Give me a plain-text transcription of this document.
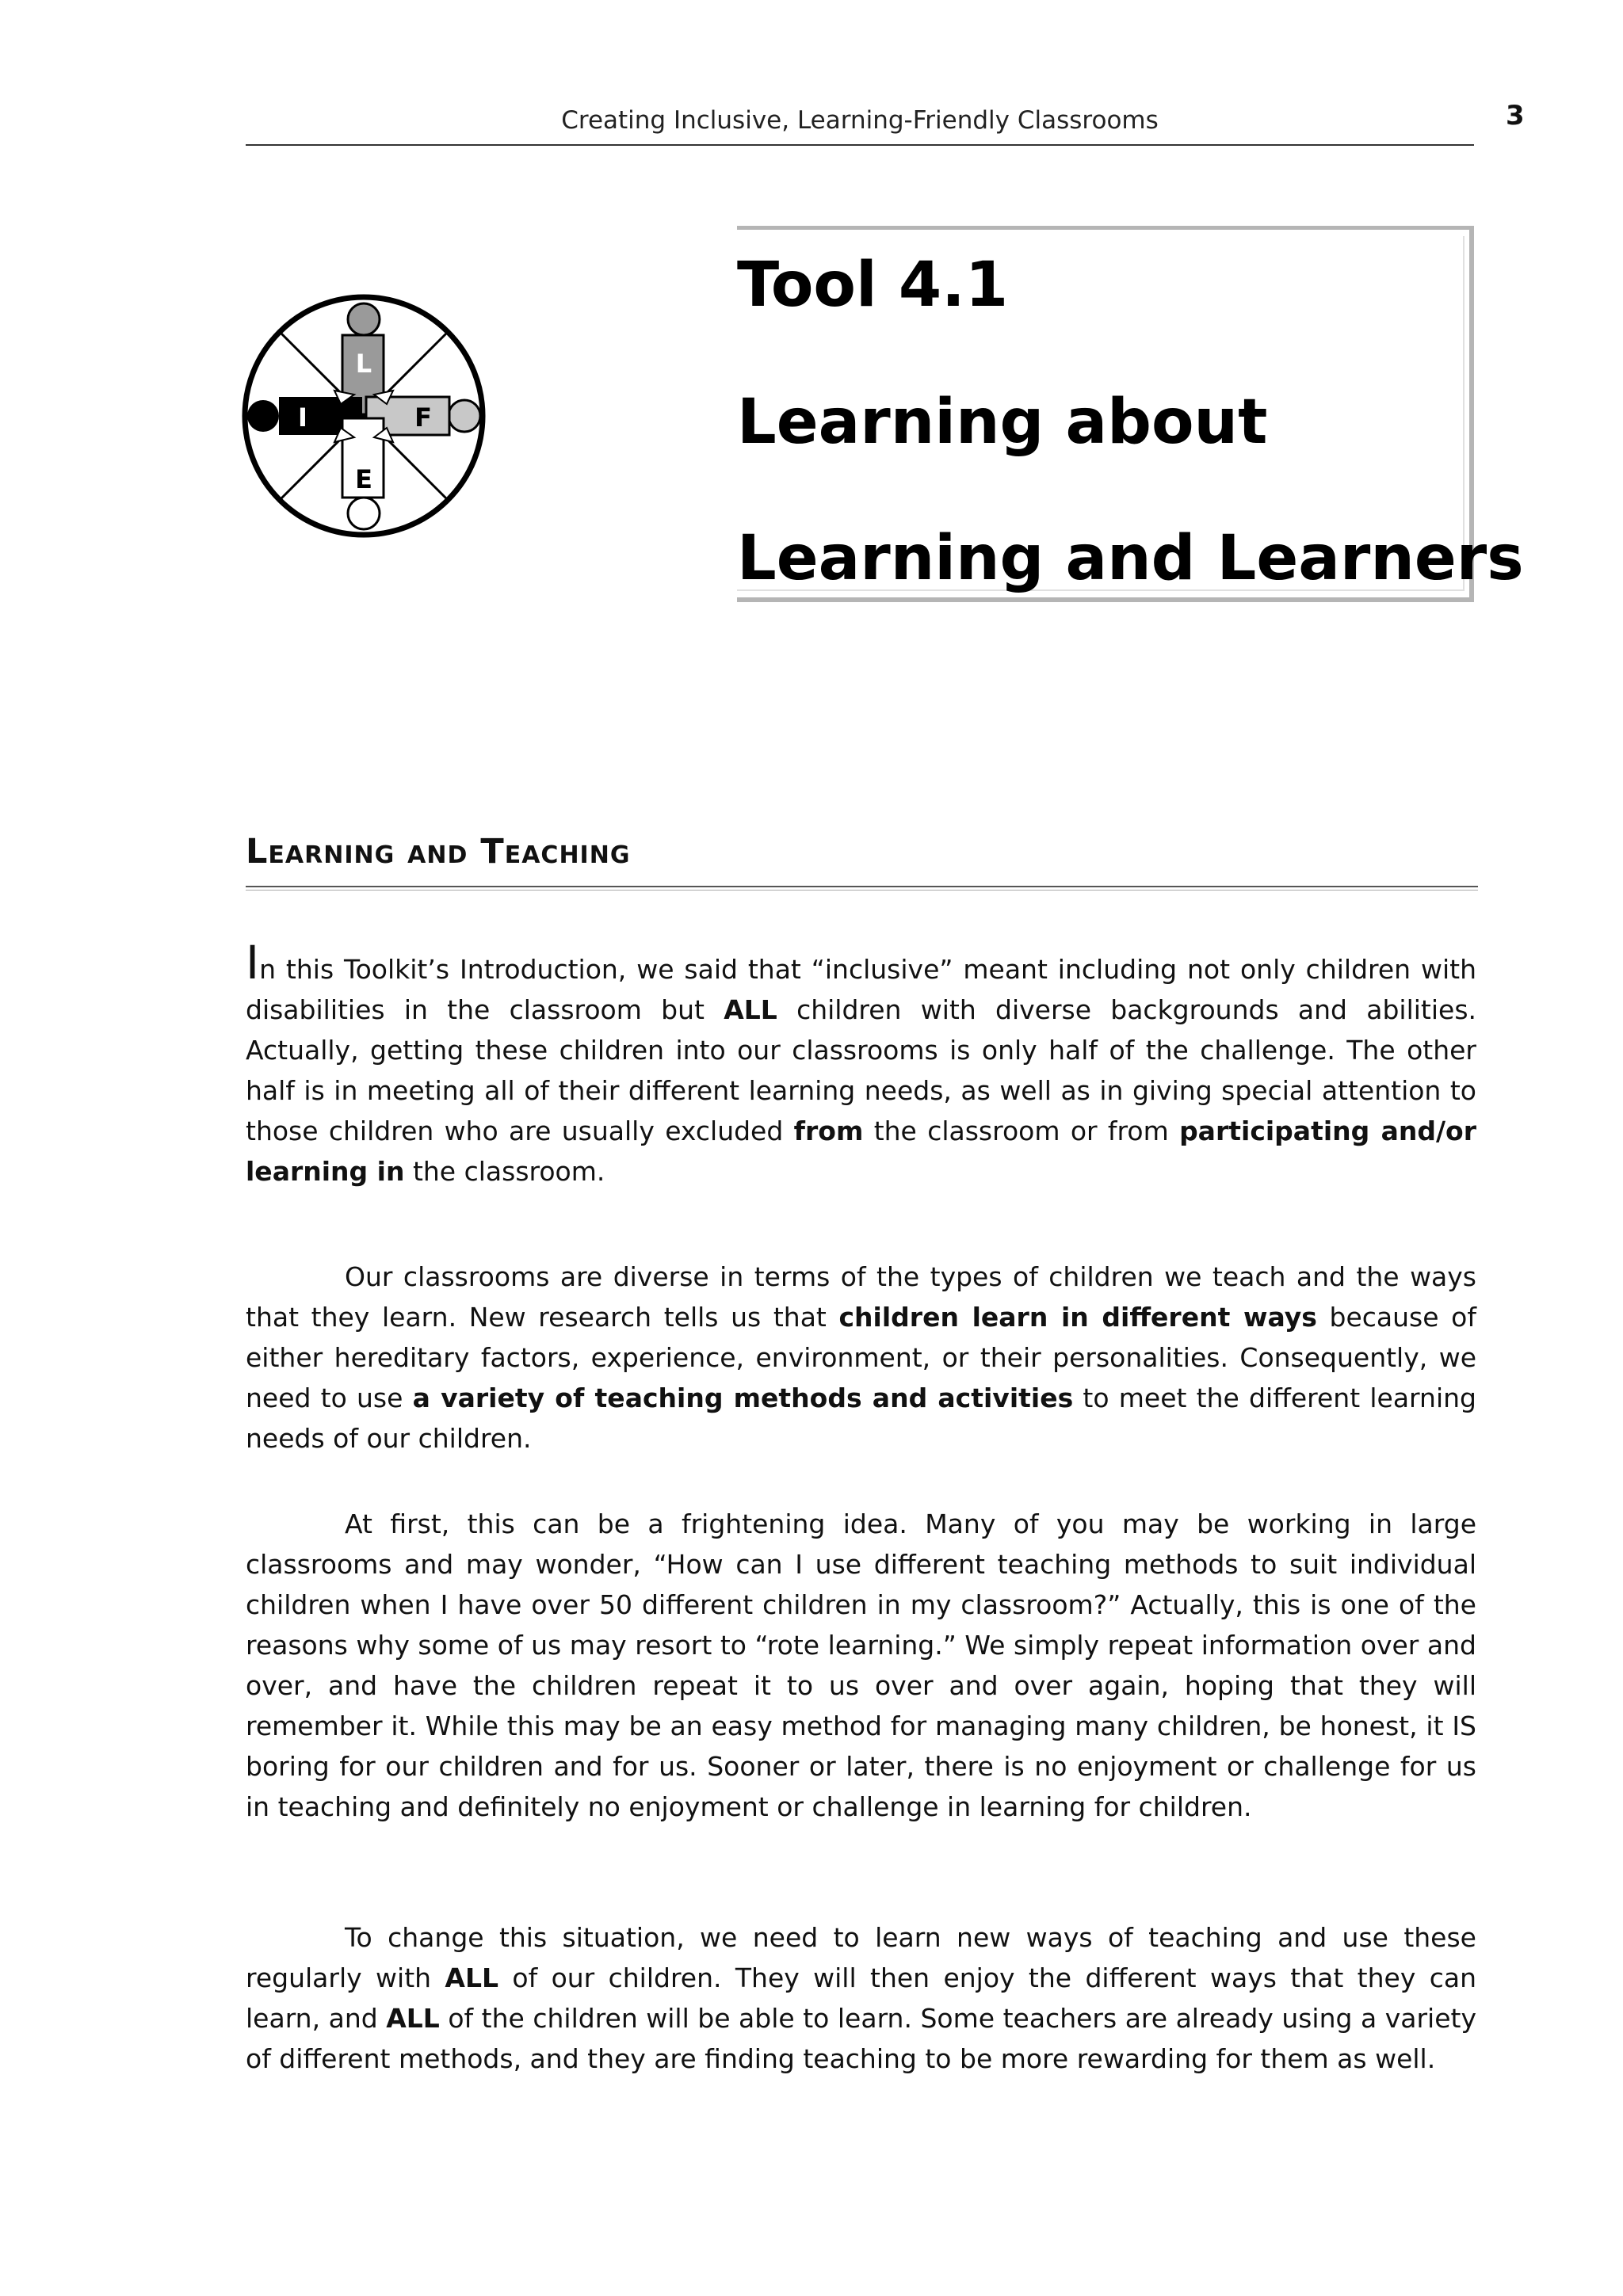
Creating Inclusive, Learning-Friendly Classrooms	3
L
I	F
E
Tool 4.1
Learning about
Learning and Learners
Learning and Teaching

In this Toolkit’s Introduction, we said that “inclusive” meant including not only children with disabilities in the classroom but ALL children with diverse backgrounds and abilities. Actually, getting these children into our classrooms is only half of the challenge. The other half is in meeting all of their different learning needs, as well as in giving special attention to those children who are usually excluded from the classroom or from participating and/or learning in the classroom.

Our classrooms are diverse in terms of the types of children we teach and the ways that they learn. New research tells us that children learn in different ways because of either hereditary factors, experience, environment, or their personalities. Consequently, we need to use a variety of teaching methods and activities to meet the different learning needs of our children.

At first, this can be a frightening idea. Many of you may be working in large classrooms and may wonder, “How can I use different teaching methods to suit individual children when I have over 50 different children in my classroom?” Actually, this is one of the reasons why some of us may resort to “rote learning.” We simply repeat information over and over, and have the children repeat it to us over and over again, hoping that they will remember it. While this may be an easy method for managing many children, be honest, it IS boring for our children and for us. Sooner or later, there is no enjoyment or challenge for us in teaching and definitely no enjoyment or challenge in learning for children.

To change this situation, we need to learn new ways of teaching and use these regularly with ALL of our children. They will then enjoy the different ways that they can learn, and ALL of the children will be able to learn. Some teachers are already using a variety of different methods, and they are finding teaching to be more rewarding for them as well.
